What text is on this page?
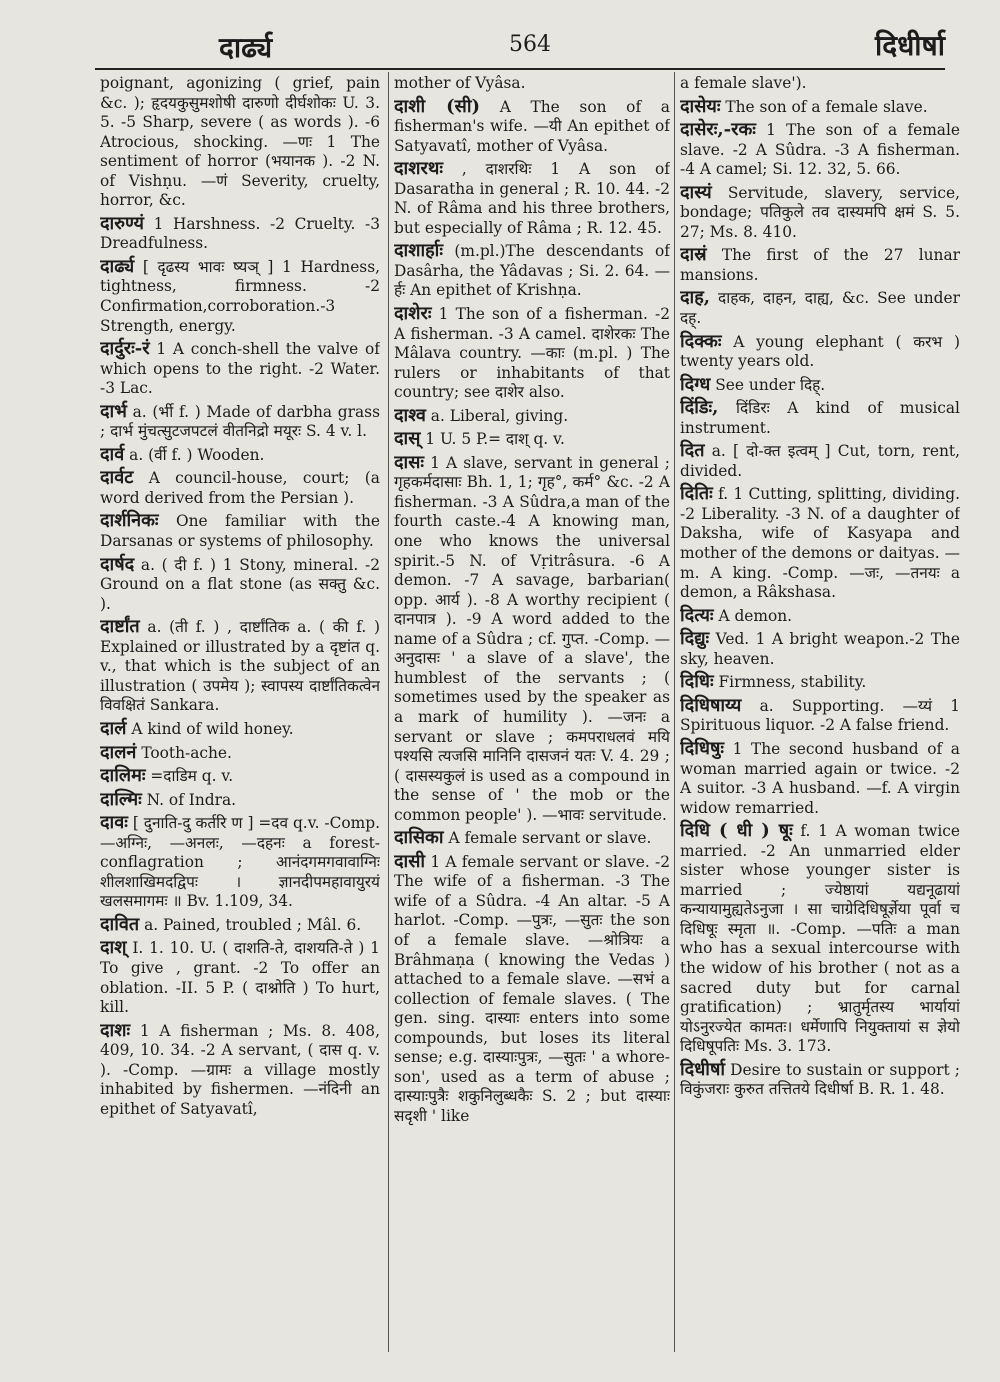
दार्ढ्य	564	दिधीर्षा

poignant, agonizing ( grief, pain &c. ); हृदयकुसुमशोषी दारुणो दीर्घशोकः U. 3. 5. -5 Sharp, severe ( as words ). -6 Atrocious, shocking. —णः 1 The sentiment of horror (भयानक ). -2 N. of Vishṇu. —णं Severity, cruelty, horror, &c.

दारुण्यं 1 Harshness. -2 Cruelty. -3 Dreadfulness.

दार्ढ्य [ दृढस्य भावः ष्यञ् ] 1 Hardness, tightness, firmness. -2 Confirmation,corroboration.-3 Strength, energy.

दार्दुरः-रं 1 A conch-shell the valve of which opens to the right. -2 Water. -3 Lac.

दार्भ a. (र्भी f. ) Made of darbha grass ; दार्भ मुंचत्सुटजपटलं वीतनिद्रो मयूरः S. 4 v. l.

दार्व a. (र्वी f. ) Wooden.

दार्वट A council-house, court; (a word derived from the Persian ).

दार्शनिकः One familiar with the Darsanas or systems of philosophy.

दार्षद a. ( दी f. ) 1 Stony, mineral. -2 Ground on a flat stone (as सक्तु &c. ).

दार्ष्टांत a. (ती f. ) , दार्ष्टांतिक a. ( की f. ) Explained or illustrated by a दृष्टांत q. v., that which is the subject of an illustration ( उपमेय ); स्वापस्य दार्ष्टांतिकत्वेन विवक्षितं Sankara.

दार्ल A kind of wild honey.

दालनं Tooth-ache.

दालिमः =दाडिम q. v.

दाल्मिः N. of Indra.

दावः [ दुनाति-दु कर्तरि ण ] =दव q.v. -Comp. —अग्निः, —अनलः, —दहनः a forest-conflagration ; आनंदगमगवावाग्निः शीलशाखिमदद्विपः । ज्ञानदीपमहावायुरयं खलसमागमः ॥ Bv. 1.109, 34.

दावित a. Pained, troubled ; Mâl. 6.

दाश् I. 1. 10. U. ( दाशति-ते, दाशयति-ते ) 1 To give , grant. -2 To offer an oblation. -II. 5 P. ( दाश्नोति ) To hurt, kill.

दाशः 1 A fisherman ; Ms. 8. 408, 409, 10. 34. -2 A servant, ( दास q. v. ). -Comp. —ग्रामः a village mostly inhabited by fishermen. —नंदिनी an epithet of Satyavatî,

mother of Vyâsa.

दाशी (सी) A The son of a fisherman's wife. —यी An epithet of Satyavatî, mother of Vyâsa.

दाशरथः , दाशरथिः 1 A son of Dasaratha in general ; R. 10. 44. -2 N. of Râma and his three brothers, but especially of Râma ; R. 12. 45.

दाशार्हाः (m.pl.)The descendants of Dasârha, the Yâdavas ; Si. 2. 64. —र्हः An epithet of Krishṇa.

दाशेरः 1 The son of a fisherman. -2 A fisherman. -3 A camel. दाशेरकः The Mâlava country. —काः (m.pl. ) The rulers or inhabitants of that country; see दाशेर also.

दाश्व a. Liberal, giving.

दास् 1 U. 5 P.= दाश् q. v.

दासः 1 A slave, servant in general ; गृहकर्मदासाः Bh. 1, 1; गृह°, कर्म° &c. -2 A fisherman. -3 A Sûdra,a man of the fourth caste.-4 A knowing man, one who knows the universal spirit.-5 N. of Vṛitrâsura. -6 A demon. -7 A savage, barbarian( opp. आर्य ). -8 A worthy recipient ( दानपात्र ). -9 A word added to the name of a Sûdra ; cf. गुप्त. -Comp. —अनुदासः ' a slave of a slave', the humblest of the servants ; ( sometimes used by the speaker as a mark of humility ). —जनः a servant or slave ; कमपराधलवं मयि पश्यसि त्यजसि मानिनि दासजनं यतः V. 4. 29 ; ( दासस्यकुलं is used as a compound in the sense of ' the mob or the common people' ). —भावः servitude.

दासिका A female servant or slave.

दासी 1 A female servant or slave. -2 The wife of a fisherman. -3 The wife of a Sûdra. -4 An altar. -5 A harlot. -Comp. —पुत्रः, —सुतः the son of a female slave. —श्रोत्रियः a Brâhmaṇa ( knowing the Vedas ) attached to a female slave. —सभं a collection of female slaves. ( The gen. sing. दास्याः enters into some compounds, but loses its literal sense; e.g. दास्याःपुत्रः, —सुतः ' a whore-son', used as a term of abuse ; दास्याःपुत्रैः शकुनिलुब्धकैः S. 2 ; but दास्याः सदृशी ' like

a female slave').

दासेयः The son of a female slave.

दासेरः,-रकः 1 The son of a female slave. -2 A Sûdra. -3 A fisherman. -4 A camel; Si. 12. 32, 5. 66.

दास्यं Servitude, slavery, service, bondage; पतिकुले तव दास्यमपि क्षमं S. 5. 27; Ms. 8. 410.

दास्रं The first of the 27 lunar mansions.

दाह, दाहक, दाहन, दाह्य, &c. See under दह्.

दिक्कः A young elephant ( करभ ) twenty years old.

दिग्ध See under दिह्.

दिंडिः, दिंडिरः A kind of musical instrument.

दित a. [ दो-क्त इत्वम् ] Cut, torn, rent, divided.

दितिः f. 1 Cutting, splitting, dividing. -2 Liberality. -3 N. of a daughter of Daksha, wife of Kasyapa and mother of the demons or daityas. —m. A king. -Comp. —जः, —तनयः a demon, a Râkshasa.

दित्यः A demon.

दिद्युः Ved. 1 A bright weapon.-2 The sky, heaven.

दिधिः Firmness, stability.

दिधिषाय्य a. Supporting. —य्यं 1 Spirituous liquor. -2 A false friend.

दिधिषुः 1 The second husband of a woman married again or twice. -2 A suitor. -3 A husband. —f. A virgin widow remarried.

दिधि ( धी ) षूः f. 1 A woman twice married. -2 An unmarried elder sister whose younger sister is married ; ज्येष्ठायां यद्यनूढायां कन्यायामुह्यतेऽनुजा । सा चाग्रेदिधिषूर्ज्ञेया पूर्वा च दिधिषूः स्मृता ॥. -Comp. —पतिः a man who has a sexual intercourse with the widow of his brother ( not as a sacred duty but for carnal gratification) ; भ्रातुर्मृतस्य भार्यायां योऽनुरज्येत कामतः। धर्मेणापि नियुक्तायां स ज्ञेयो दिधिषूपतिः Ms. 3. 173.

दिधीर्षा Desire to sustain or support ; विकुंजराः कुरुत तत्तितये दिधीर्षा B. R. 1. 48.
